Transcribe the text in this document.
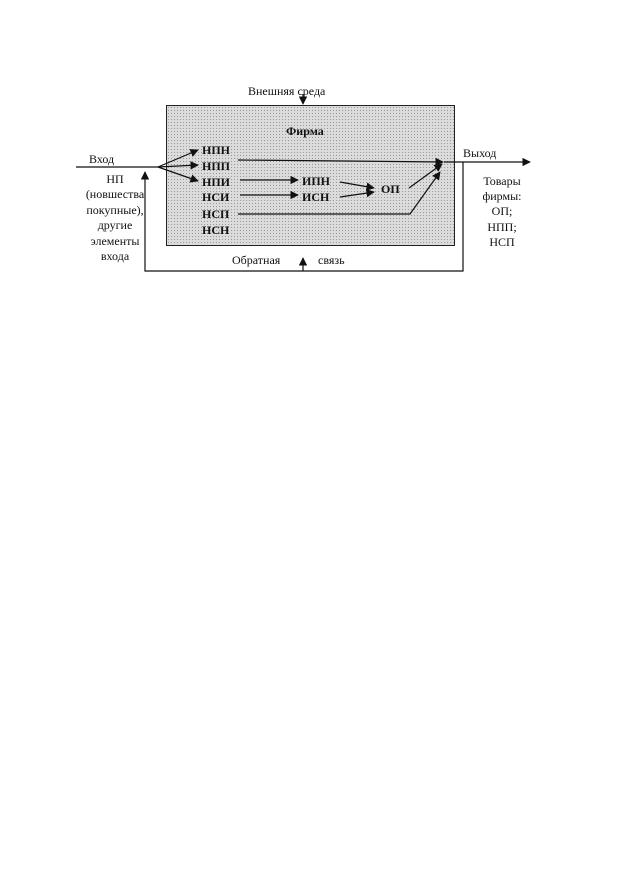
Внешняя среда
Фирма
Вход	Выход
НП
(новшества
покупные),
другие
элементы
входа
Товары
фирмы:
ОП;
НПП;
НСП
НПН
НПП
НПИ
НСИ
НСП
НСН
ИПН
ИСН
ОП
Обратная	связь
